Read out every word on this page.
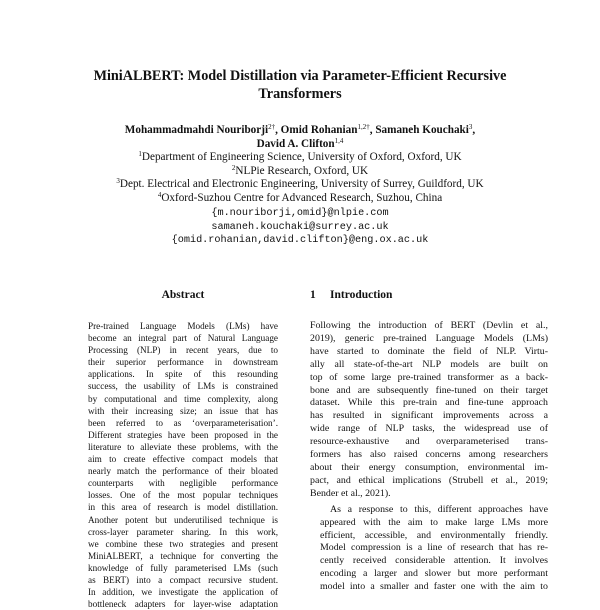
MiniALBERT: Model Distillation via Parameter-Efficient Recursive
Transformers
Mohammadmahdi Nouriborji$^{2\dagger}$, Omid Rohanian$^{1,2\dagger}$, Samaneh Kouchaki$^3$,
David A. Clifton$^{1,4}$
$^1$Department of Engineering Science, University of Oxford, Oxford, UK
$^2$NLPie Research, Oxford, UK
$^3$Dept. Electrical and Electronic Engineering, University of Surrey, Guildford, UK
$^4$Oxford-Suzhou Centre for Advanced Research, Suzhou, China
{m.nouriborji,omid}@nlpie.com
samaneh.kouchaki@surrey.ac.uk
{omid.rohanian,david.clifton}@eng.ox.ac.uk
Abstract
Pre-trained Language Models (LMs) have
become an integral part of Natural Language
Processing (NLP) in recent years, due to
their superior performance in downstream
applications. In spite of this resounding
success, the usability of LMs is constrained
by computational and time complexity, along
with their increasing size; an issue that has
been referred to as ‘overparameterisation’.
Different strategies have been proposed in the
literature to alleviate these problems, with the
aim to create effective compact models that
nearly match the performance of their bloated
counterparts with negligible performance
losses. One of the most popular techniques
in this area of research is model distillation.
Another potent but underutilised technique is
cross-layer parameter sharing. In this work,
we combine these two strategies and present
MiniALBERT, a technique for converting the
knowledge of fully parameterised LMs (such
as BERT) into a compact recursive student.
In addition, we investigate the application of
bottleneck adapters for layer-wise adaptation
1 Introduction

Following the introduction of BERT (Devlin et al.,
2019), generic pre-trained Language Models (LMs)
have started to dominate the field of NLP. Virtu-
ally all state-of-the-art NLP models are built on
top of some large pre-trained transformer as a back-
bone and are subsequently fine-tuned on their target
dataset. While this pre-train and fine-tune approach
has resulted in significant improvements across a
wide range of NLP tasks, the widespread use of
resource-exhaustive and overparameterised trans-
formers has also raised concerns among researchers
about their energy consumption, environmental im-
pact, and ethical implications (Strubell et al., 2019;
Bender et al., 2021).

As a response to this, different approaches have
appeared with the aim to make large LMs more
efficient, accessible, and environmentally friendly.
Model compression is a line of research that has re-
cently received considerable attention. It involves
encoding a larger and slower but more performant
model into a smaller and faster one with the aim to
